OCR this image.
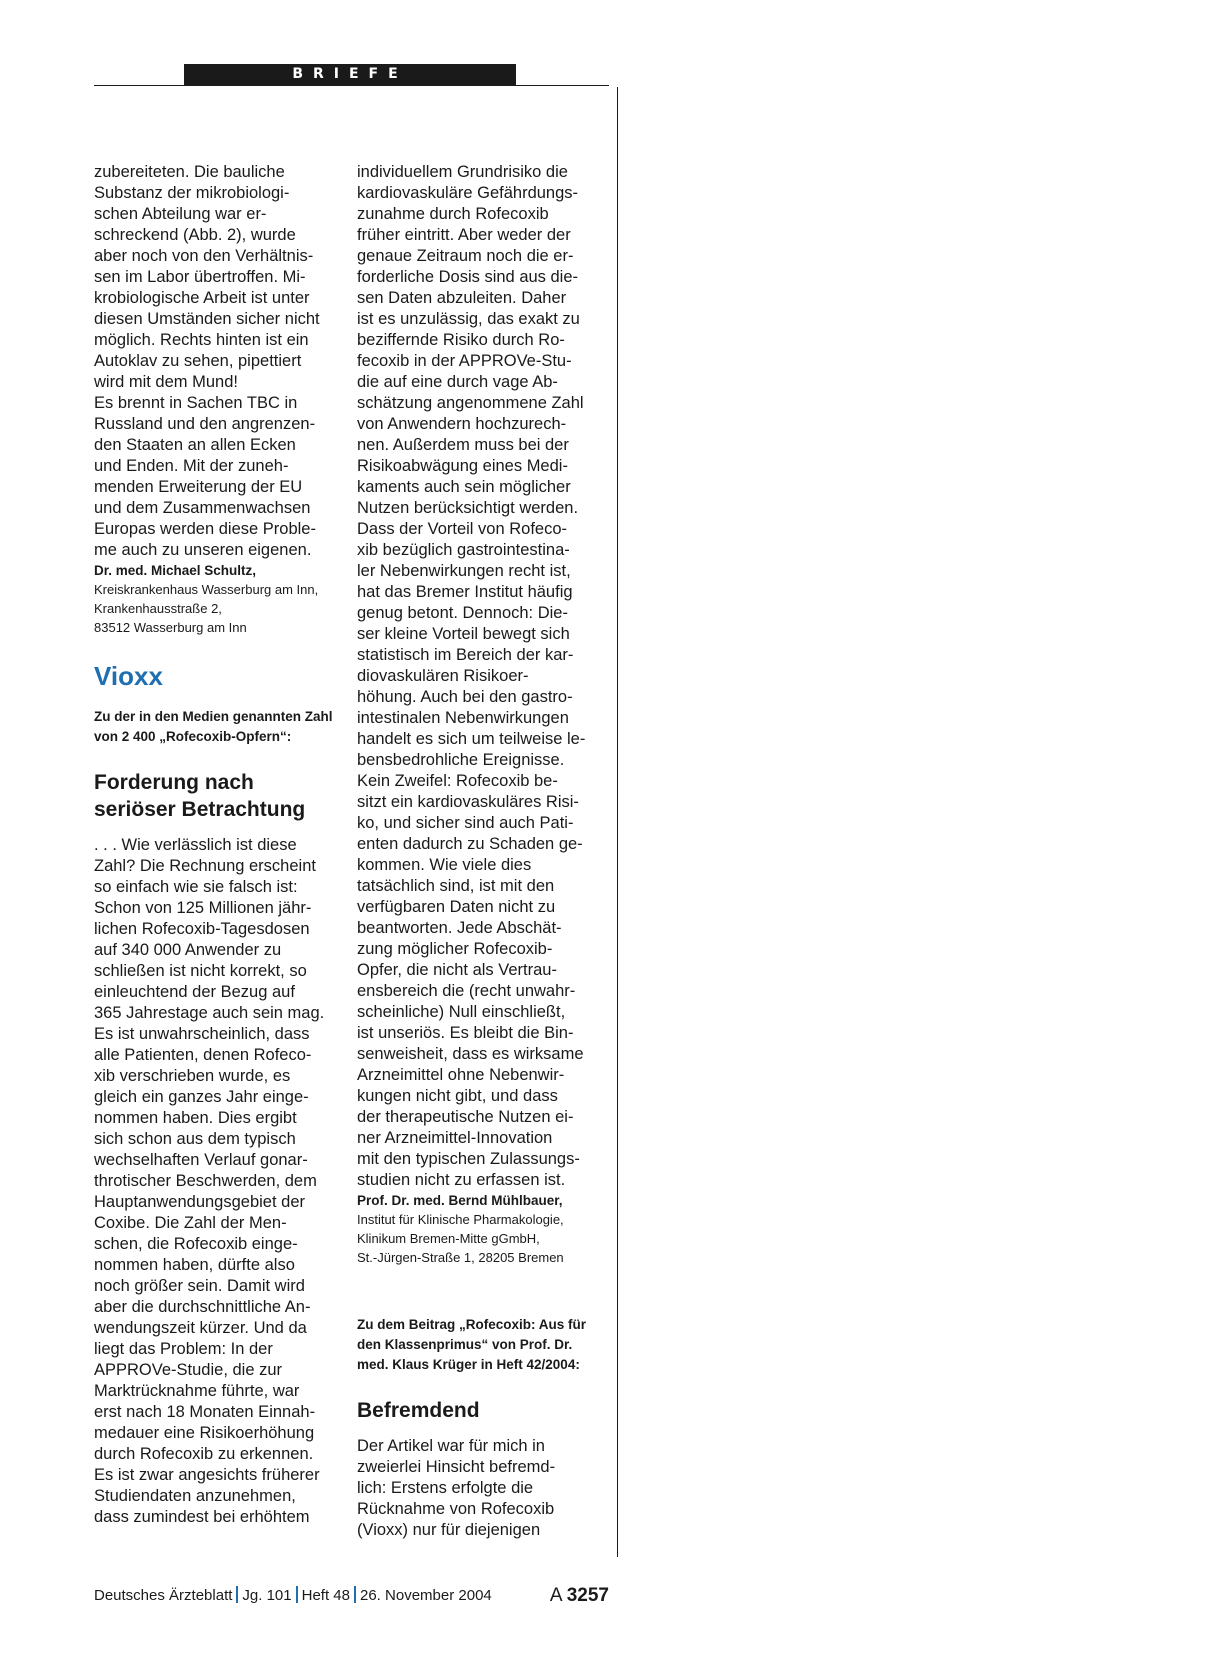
BRIEFE
zubereiteten. Die bauliche
Substanz der mikrobiologi-
schen Abteilung war er-
schreckend (Abb. 2), wurde
aber noch von den Verhältnis-
sen im Labor übertroffen. Mi-
krobiologische Arbeit ist unter
diesen Umständen sicher nicht
möglich. Rechts hinten ist ein
Autoklav zu sehen, pipettiert
wird mit dem Mund!
Es brennt in Sachen TBC in
Russland und den angrenzen-
den Staaten an allen Ecken
und Enden. Mit der zuneh-
menden Erweiterung der EU
und dem Zusammenwachsen
Europas werden diese Proble-
me auch zu unseren eigenen.
Dr. med. Michael Schultz,
Kreiskrankenhaus Wasserburg am Inn,
Krankenhausstraße 2,
83512 Wasserburg am Inn
Vioxx
Zu der in den Medien genannten Zahl
von 2 400 „Rofecoxib-Opfern“:
Forderung nach
seriöser Betrachtung
. . . Wie verlässlich ist diese
Zahl? Die Rechnung erscheint
so einfach wie sie falsch ist:
Schon von 125 Millionen jähr-
lichen Rofecoxib-Tagesdosen
auf 340 000 Anwender zu
schließen ist nicht korrekt, so
einleuchtend der Bezug auf
365 Jahrestage auch sein mag.
Es ist unwahrscheinlich, dass
alle Patienten, denen Rofeco-
xib verschrieben wurde, es
gleich ein ganzes Jahr einge-
nommen haben. Dies ergibt
sich schon aus dem typisch
wechselhaften Verlauf gonar-
throtischer Beschwerden, dem
Hauptanwendungsgebiet der
Coxibe. Die Zahl der Men-
schen, die Rofecoxib einge-
nommen haben, dürfte also
noch größer sein. Damit wird
aber die durchschnittliche An-
wendungszeit kürzer. Und da
liegt das Problem: In der
APPROVe-Studie, die zur
Marktrücknahme führte, war
erst nach 18 Monaten Einnah-
medauer eine Risikoerhöhung
durch Rofecoxib zu erkennen.
Es ist zwar angesichts früherer
Studiendaten anzunehmen,
dass zumindest bei erhöhtem
individuellem Grundrisiko die
kardiovaskuläre Gefährdungs-
zunahme durch Rofecoxib
früher eintritt. Aber weder der
genaue Zeitraum noch die er-
forderliche Dosis sind aus die-
sen Daten abzuleiten. Daher
ist es unzulässig, das exakt zu
beziffernde Risiko durch Ro-
fecoxib in der APPROVe-Stu-
die auf eine durch vage Ab-
schätzung angenommene Zahl
von Anwendern hochzurech-
nen. Außerdem muss bei der
Risikoabwägung eines Medi-
kaments auch sein möglicher
Nutzen berücksichtigt werden.
Dass der Vorteil von Rofeco-
xib bezüglich gastrointestina-
ler Nebenwirkungen recht ist,
hat das Bremer Institut häufig
genug betont. Dennoch: Die-
ser kleine Vorteil bewegt sich
statistisch im Bereich der kar-
diovaskulären Risikoer-
höhung. Auch bei den gastro-
intestinalen Nebenwirkungen
handelt es sich um teilweise le-
bensbedrohliche Ereignisse.
Kein Zweifel: Rofecoxib be-
sitzt ein kardiovaskuläres Risi-
ko, und sicher sind auch Pati-
enten dadurch zu Schaden ge-
kommen. Wie viele dies
tatsächlich sind, ist mit den
verfügbaren Daten nicht zu
beantworten. Jede Abschät-
zung möglicher Rofecoxib-
Opfer, die nicht als Vertrau-
ensbereich die (recht unwahr-
scheinliche) Null einschließt,
ist unseriös. Es bleibt die Bin-
senweisheit, dass es wirksame
Arzneimittel ohne Nebenwir-
kungen nicht gibt, und dass
der therapeutische Nutzen ei-
ner Arzneimittel-Innovation
mit den typischen Zulassungs-
studien nicht zu erfassen ist.
Prof. Dr. med. Bernd Mühlbauer,
Institut für Klinische Pharmakologie,
Klinikum Bremen-Mitte gGmbH,
St.-Jürgen-Straße 1, 28205 Bremen
Zu dem Beitrag „Rofecoxib: Aus für
den Klassenprimus“ von Prof. Dr.
med. Klaus Krüger in Heft 42/2004:
Befremdend
Der Artikel war für mich in
zweierlei Hinsicht befremd-
lich: Erstens erfolgte die
Rücknahme von Rofecoxib
(Vioxx) nur für diejenigen
Deutsches Ärzteblatt Jg. 101 Heft 48 26. November 2004	A 3257
